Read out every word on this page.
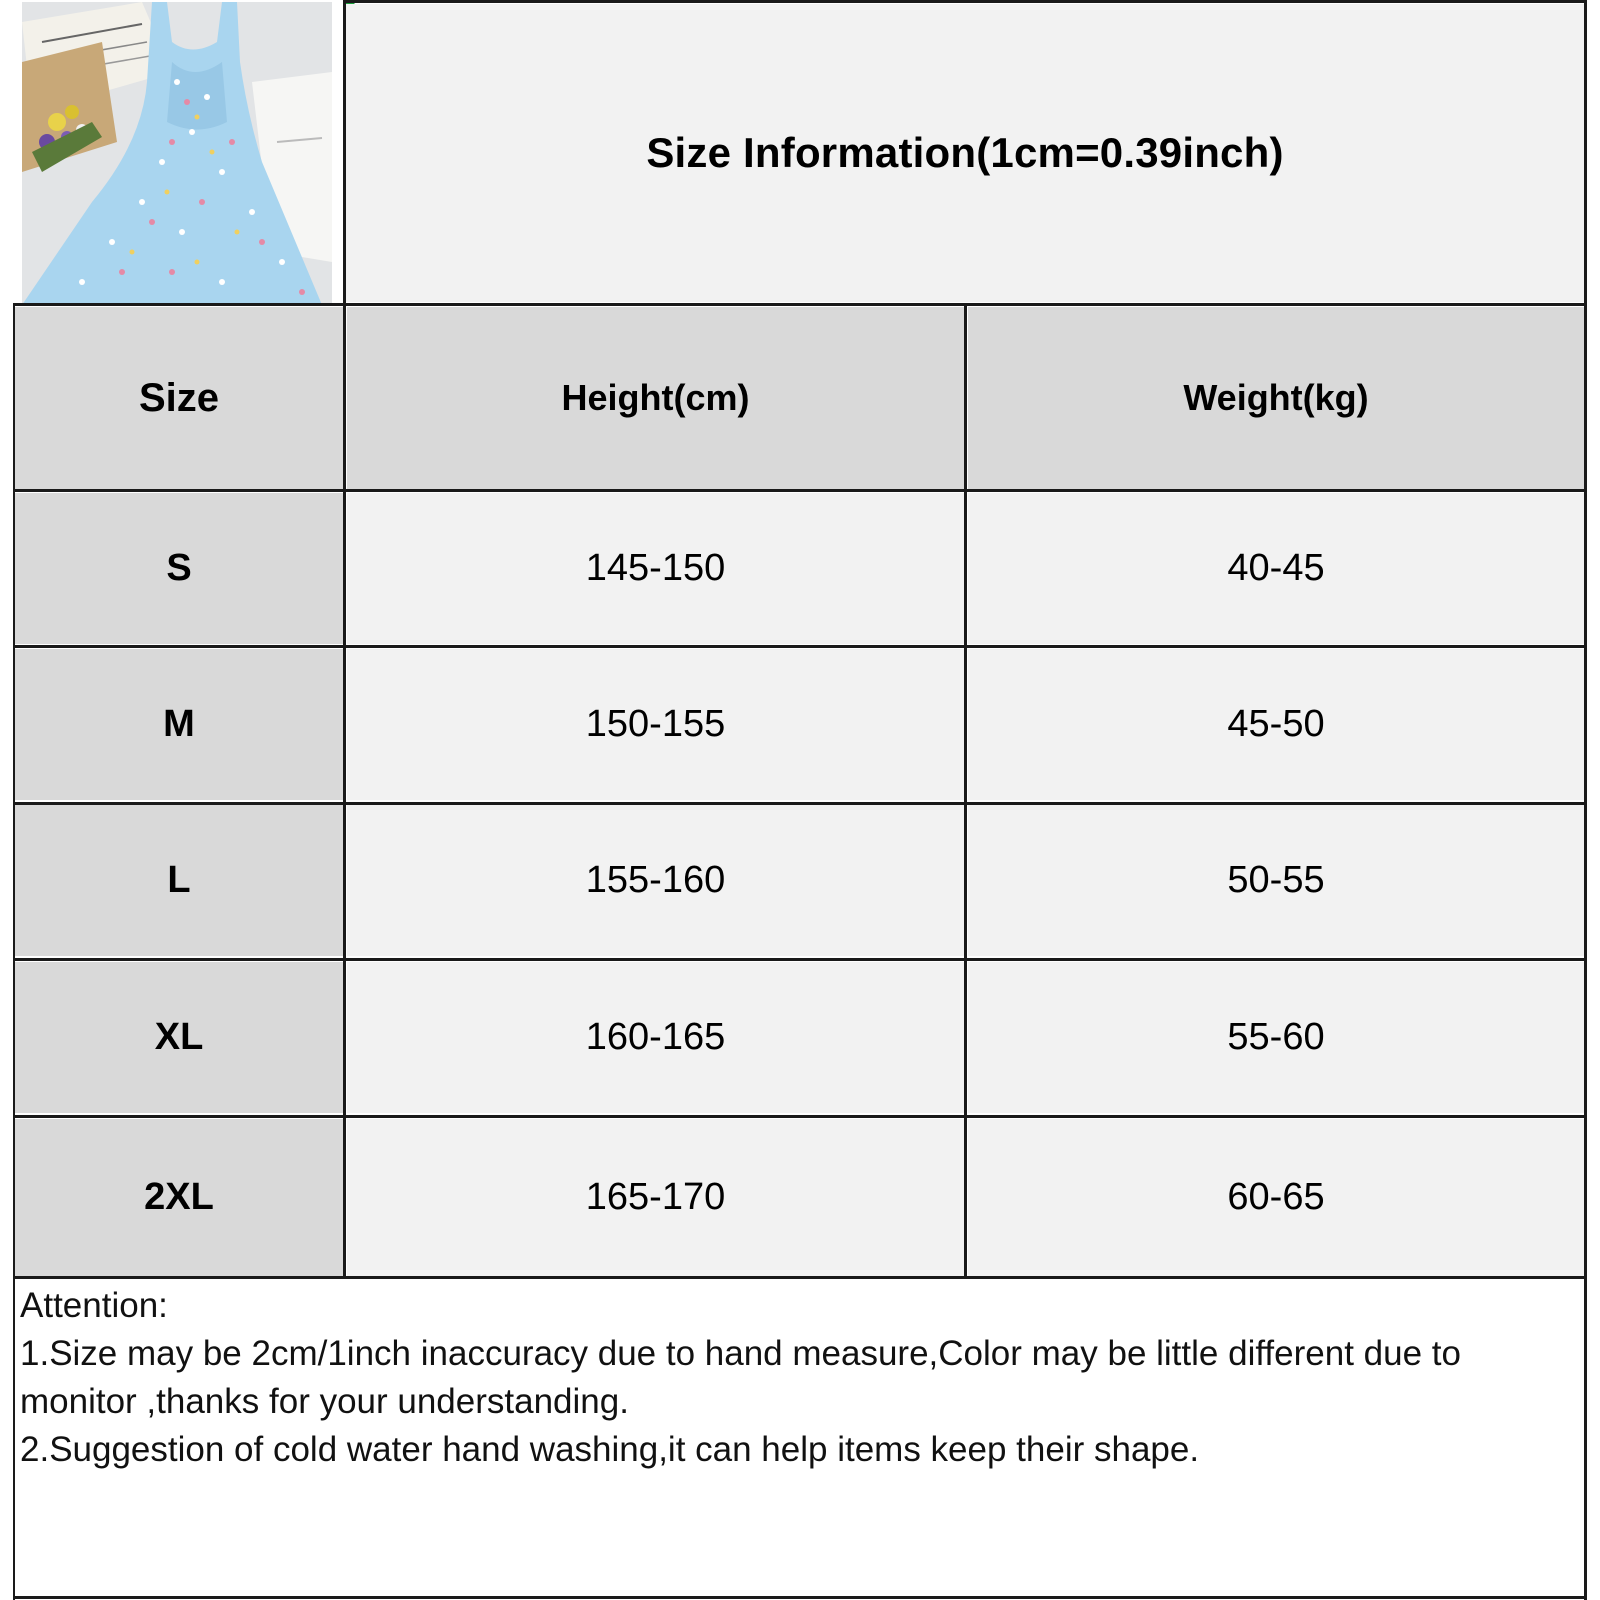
Size Information(1cm=0.39inch)
Size	Height(cm)	Weight(kg)
S	145-150	40-45
M	150-155	45-50
L	155-160	50-55
XL	160-165	55-60
2XL	165-170	60-65

Attention:

1.Size may be 2cm/1inch inaccuracy due to hand measure,Color may be little different due to monitor ,thanks for your understanding.

2.Suggestion of cold water hand washing,it can help items keep their shape.
